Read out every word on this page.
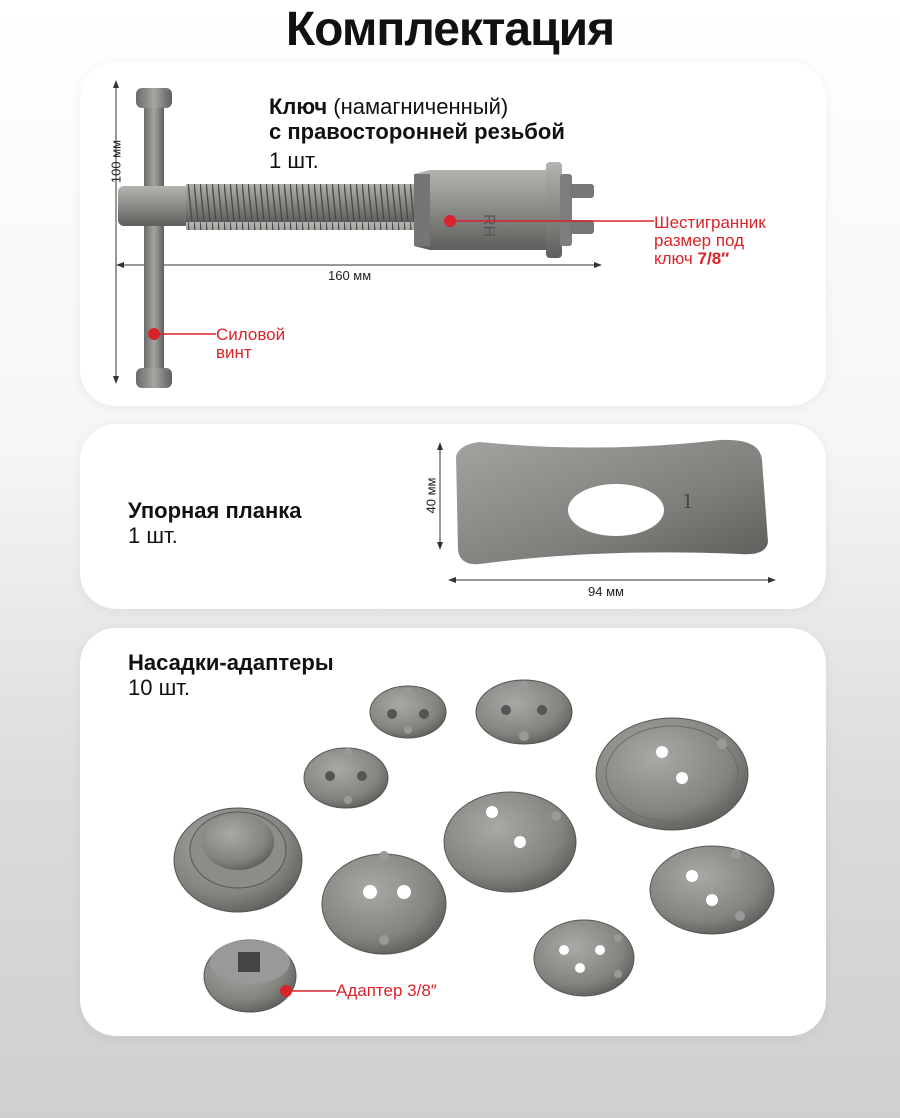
Комплектация
RH
100 мм
160 мм
Ключ (намагниченный)
с правосторонней резьбой
1 шт.
Шестигранник
размер под
ключ 7/8″
Силовой
винт
1
40 мм
94 мм
Упорная планка
1 шт.
Насадки-адаптеры
10 шт.
Адаптер 3/8″
